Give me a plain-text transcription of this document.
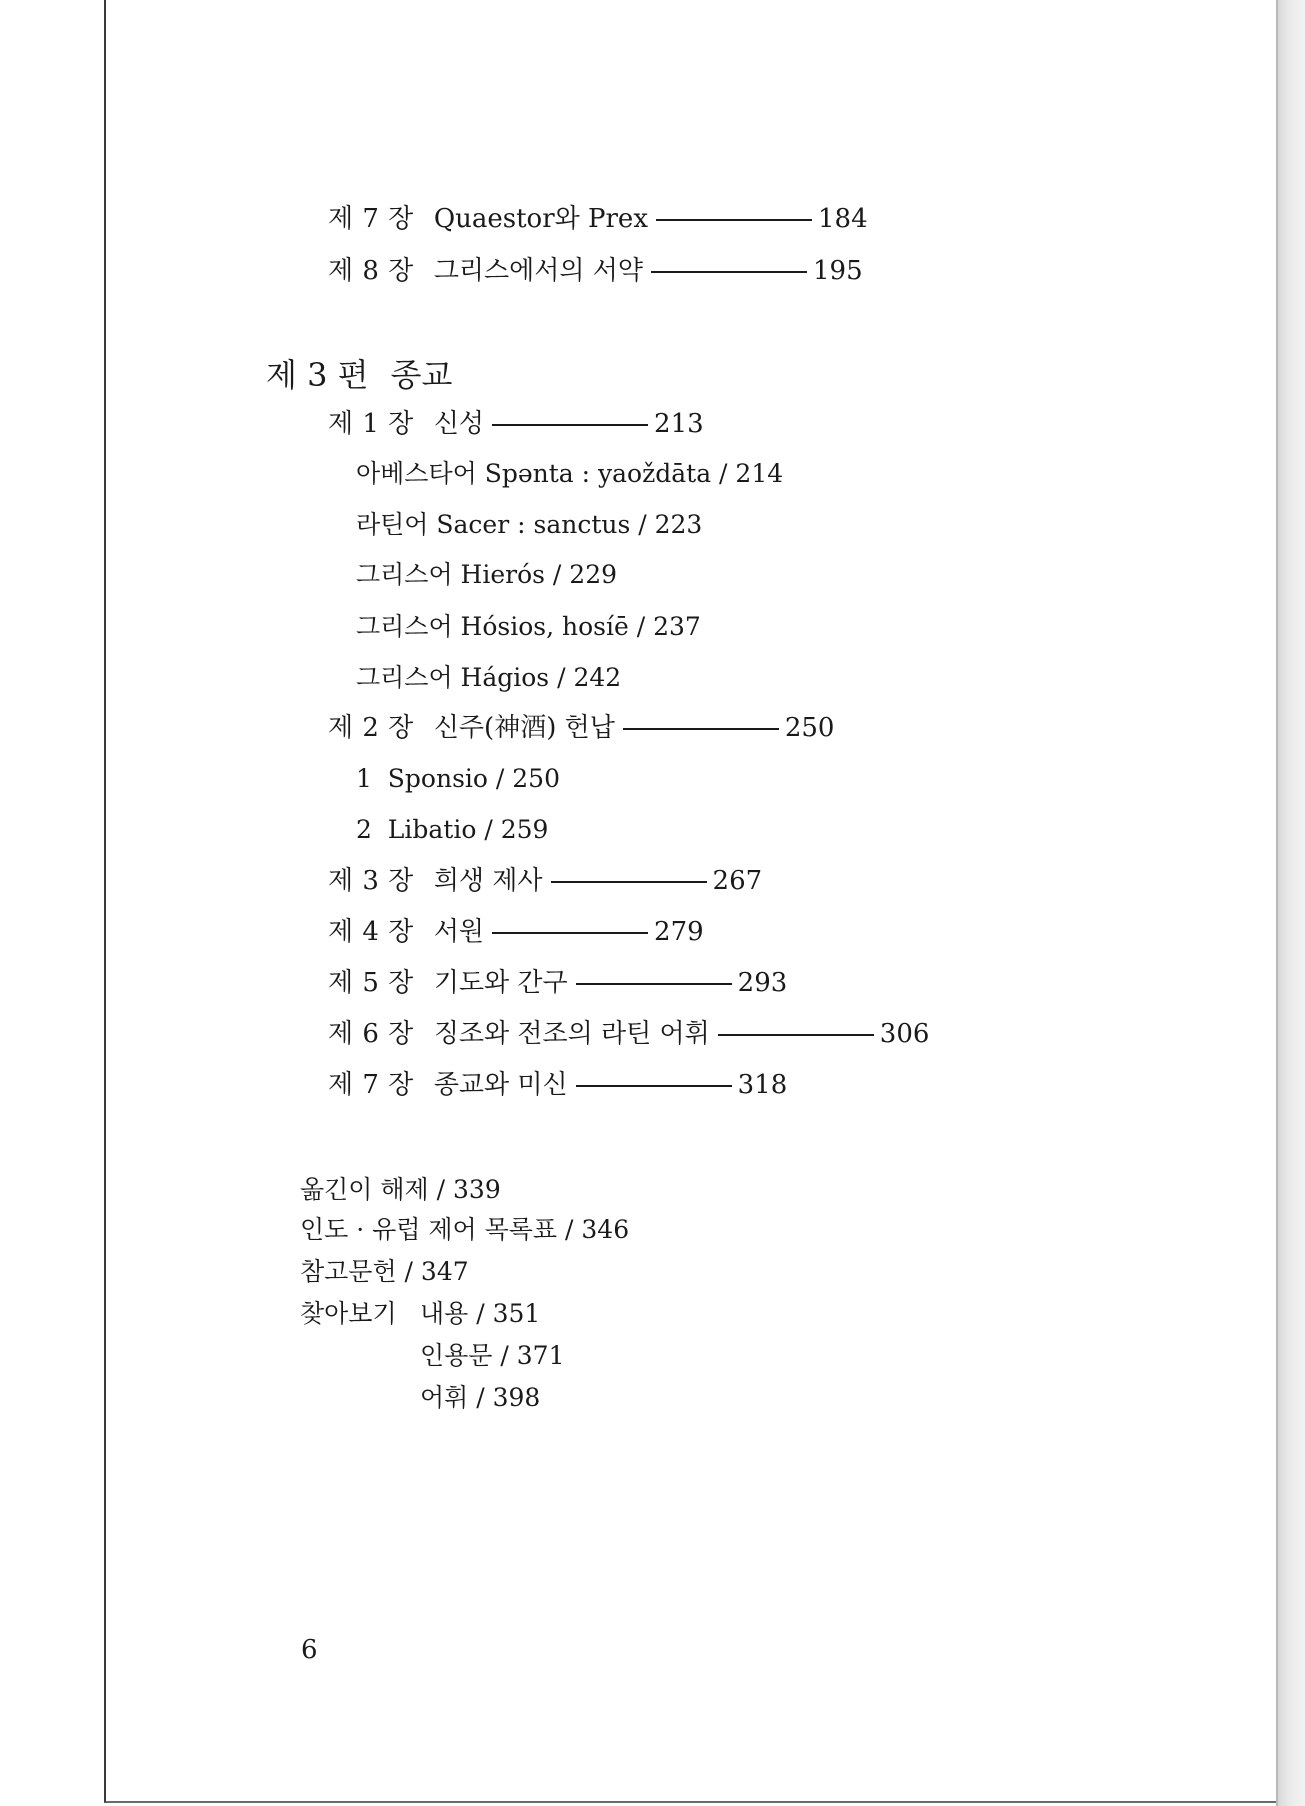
제 7 장 Quaestor와 Prex	184
제 8 장 그리스에서의 서약	195
제 3 편 종교
제 1 장 신성	213
아베스타어 Spənta : yaoždāta / 214
라틴어 Sacer : sanctus / 223
그리스어 Hierós / 229
그리스어 Hósios, hosíē / 237
그리스어 Hágios / 242
제 2 장 신주(神酒) 헌납	250
1  Sponsio / 250
2  Libatio / 259
제 3 장 희생 제사	267
제 4 장 서원	279
제 5 장 기도와 간구	293
제 6 장 징조와 전조의 라틴 어휘	306
제 7 장 종교와 미신	318
옮긴이 해제 / 339
인도 · 유럽 제어 목록표 / 346
참고문헌 / 347
찾아보기 내용 / 351
인용문 / 371
어휘 / 398
6
